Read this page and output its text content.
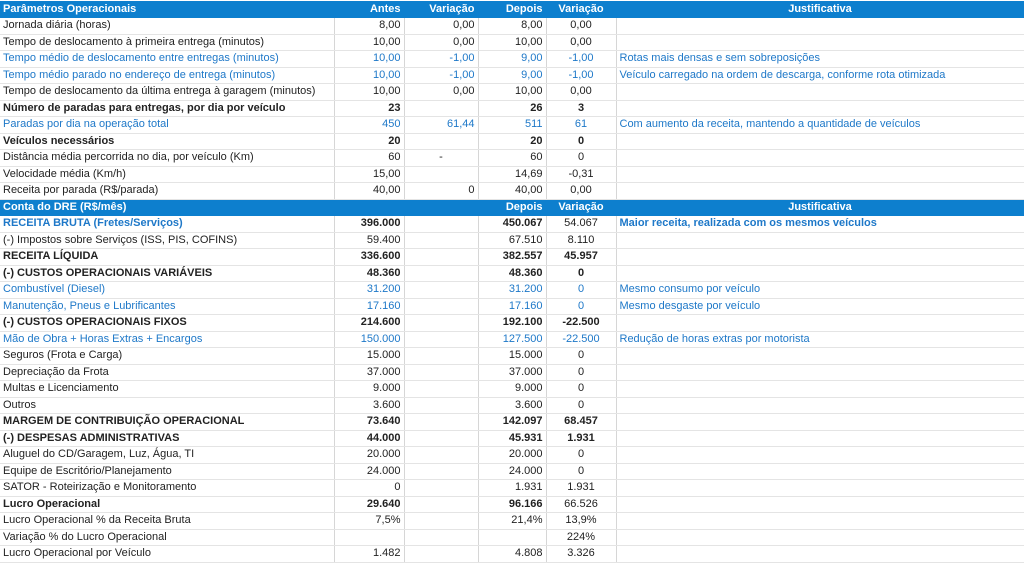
Parâmetros Operacionais	Antes	Variação	Depois	Variação	Justificativa
Jornada diária (horas)	8,00	0,00	8,00	0,00	
Tempo de deslocamento à primeira entrega (minutos)	10,00	0,00	10,00	0,00	
Tempo médio de deslocamento entre entregas (minutos)	10,00	-1,00	9,00	-1,00	Rotas mais densas e sem sobreposições
Tempo médio parado no endereço de entrega (minutos)	10,00	-1,00	9,00	-1,00	Veículo carregado na ordem de descarga, conforme rota otimizada
Tempo de deslocamento da última entrega à garagem (minutos)	10,00	0,00	10,00	0,00	
Número de paradas para entregas, por dia por veículo	23		26	3	
Paradas por dia na operação total	450	61,44	511	61	Com aumento da receita, mantendo a quantidade de veículos
Veículos necessários	20		20	0	
Distância média percorrida no dia, por veículo (Km)	60	-	60	0	
Velocidade média (Km/h)	15,00		14,69	-0,31	
Receita por parada (R$/parada)	40,00	0	40,00	0,00	
Conta do DRE (R$/mês)			Depois	Variação	Justificativa
RECEITA BRUTA (Fretes/Serviços)	396.000		450.067	54.067	Maior receita, realizada com os mesmos veículos
(-) Impostos sobre Serviços (ISS, PIS, COFINS)	59.400		67.510	8.110	
RECEITA LÍQUIDA	336.600		382.557	45.957	
(-) CUSTOS OPERACIONAIS VARIÁVEIS	48.360		48.360	0	
Combustível (Diesel)	31.200		31.200	0	Mesmo consumo por veículo
Manutenção, Pneus e Lubrificantes	17.160		17.160	0	Mesmo desgaste por veículo
(-) CUSTOS OPERACIONAIS FIXOS	214.600		192.100	-22.500	
Mão de Obra + Horas Extras + Encargos	150.000		127.500	-22.500	Redução de horas extras por motorista
Seguros (Frota e Carga)	15.000		15.000	0	
Depreciação da Frota	37.000		37.000	0	
Multas e Licenciamento	9.000		9.000	0	
Outros	3.600		3.600	0	
MARGEM DE CONTRIBUIÇÃO OPERACIONAL	73.640		142.097	68.457	
(-) DESPESAS ADMINISTRATIVAS	44.000		45.931	1.931	
Aluguel do CD/Garagem, Luz, Água, TI	20.000		20.000	0	
Equipe de Escritório/Planejamento	24.000		24.000	0	
SATOR - Roteirização e Monitoramento	0		1.931	1.931	
Lucro Operacional	29.640		96.166	66.526	
Lucro Operacional % da Receita Bruta	7,5%		21,4%	13,9%	
Variação % do Lucro Operacional				224%	
Lucro Operacional por Veículo	1.482		4.808	3.326	
